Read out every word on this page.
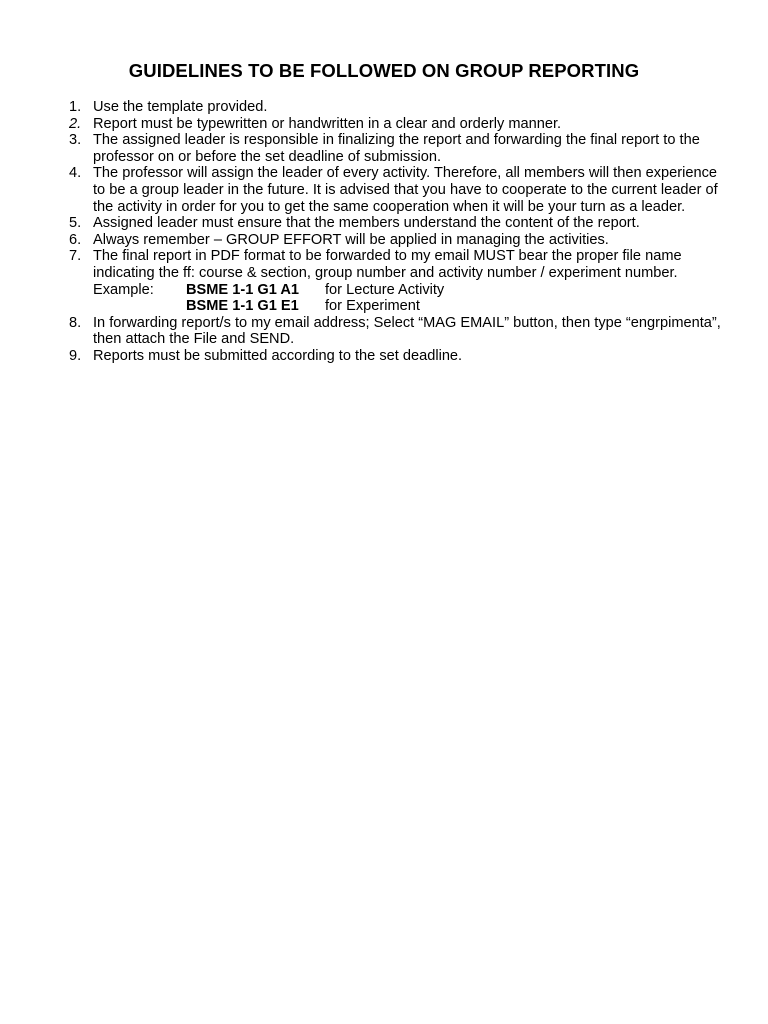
GUIDELINES TO BE FOLLOWED ON GROUP REPORTING
1. Use the template provided.
2. Report must be typewritten or handwritten in a clear and orderly manner.
3. The assigned leader is responsible in finalizing the report and forwarding the final report to the professor on or before the set deadline of submission.
4. The professor will assign the leader of every activity. Therefore, all members will then experience to be a group leader in the future. It is advised that you have to cooperate to the current leader of the activity in order for you to get the same cooperation when it will be your turn as a leader.
5. Assigned leader must ensure that the members understand the content of the report.
6. Always remember – GROUP EFFORT will be applied in managing the activities.
7. The final report in PDF format to be forwarded to my email MUST bear the proper file name indicating the ff: course & section, group number and activity number / experiment number.
Example:	BSME 1-1 G1 A1	for Lecture Activity
BSME 1-1 G1 E1	for Experiment
8. In forwarding report/s to my email address; Select “MAG EMAIL” button, then type “engrpimenta”, then attach the File and SEND.
9. Reports must be submitted according to the set deadline.
